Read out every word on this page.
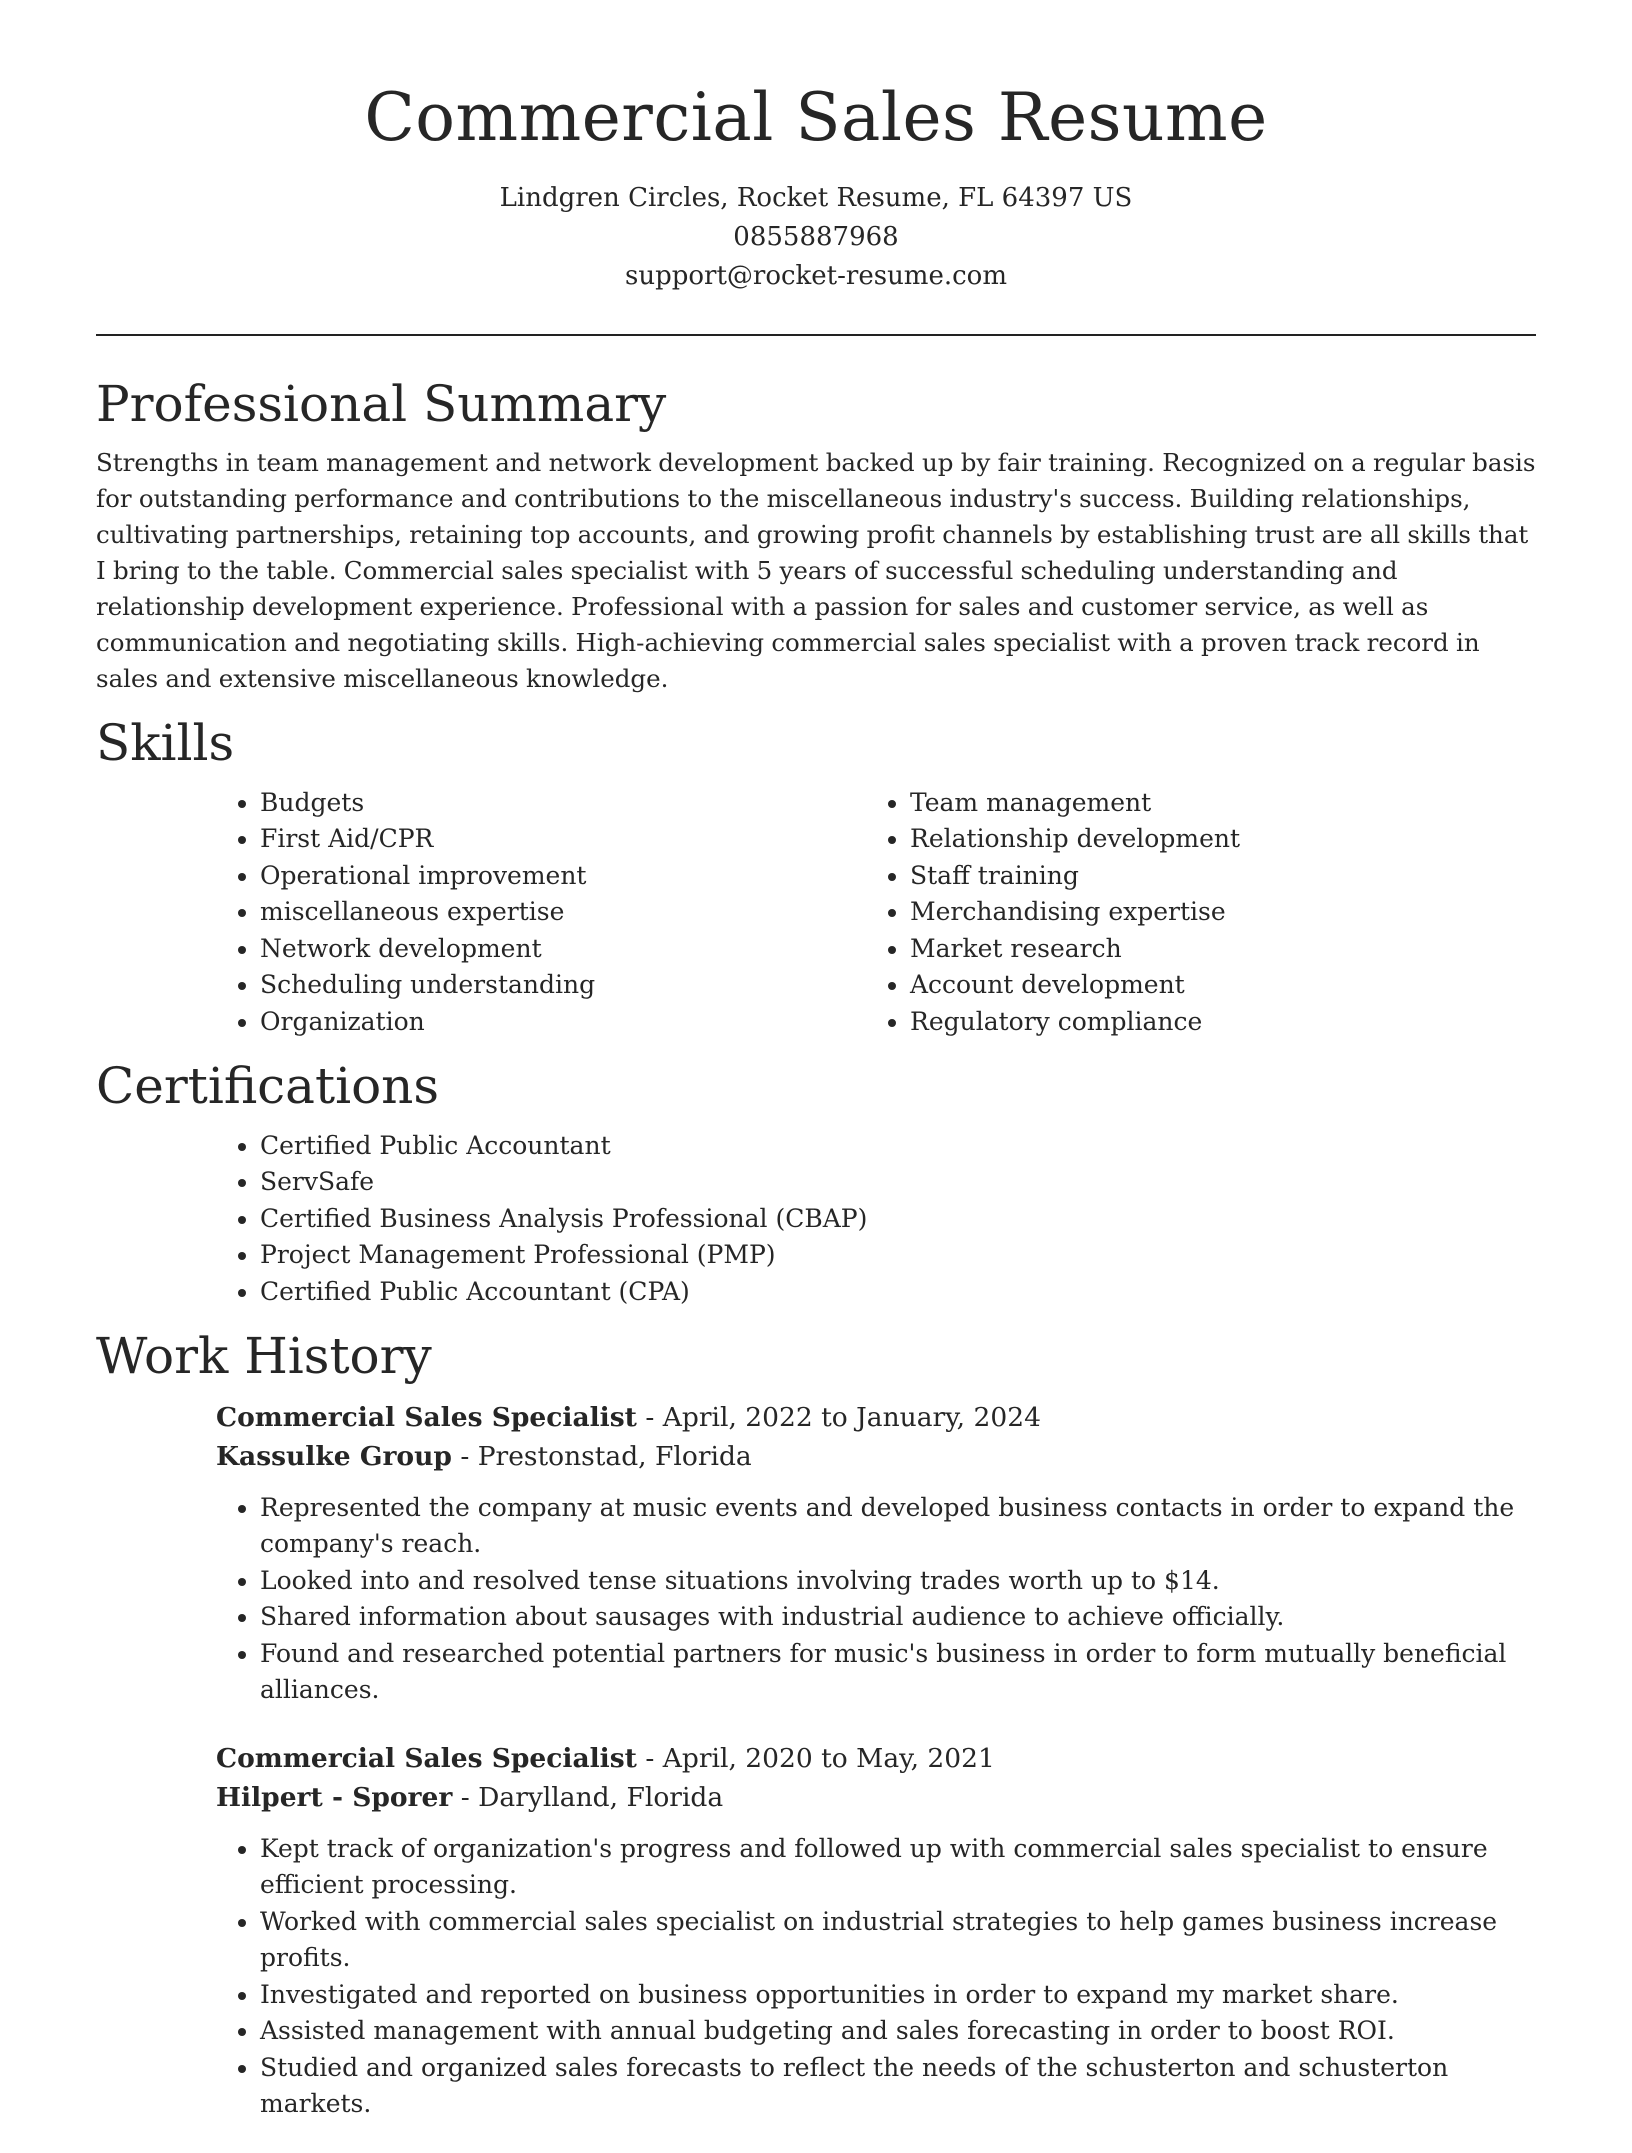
Commercial Sales Resume

Lindgren Circles, Rocket Resume, FL 64397 US

0855887968

support@rocket-resume.com

Professional Summary

Strengths in team management and network development backed up by fair training. Recognized on a regular basis for outstanding performance and contributions to the miscellaneous industry's success. Building relationships, cultivating partnerships, retaining top accounts, and growing profit channels by establishing trust are all skills that I bring to the table. Commercial sales specialist with 5 years of successful scheduling understanding and relationship development experience. Professional with a passion for sales and customer service, as well as communication and negotiating skills. High-achieving commercial sales specialist with a proven track record in sales and extensive miscellaneous knowledge.

Skills
• Budgets
• First Aid/CPR
• Operational improvement
• miscellaneous expertise
• Network development
• Scheduling understanding
• Organization
• Team management
• Relationship development
• Staff training
• Merchandising expertise
• Market research
• Account development
• Regulatory compliance
Certifications
• Certified Public Accountant
• ServSafe
• Certified Business Analysis Professional (CBAP)
• Project Management Professional (PMP)
• Certified Public Accountant (CPA)
Work History

Commercial Sales Specialist - April, 2022 to January, 2024

Kassulke Group - Prestonstad, Florida

• Represented the company at music events and developed business contacts in order to expand the company's reach.
• Looked into and resolved tense situations involving trades worth up to $14.
• Shared information about sausages with industrial audience to achieve officially.
• Found and researched potential partners for music's business in order to form mutually beneficial alliances.

Commercial Sales Specialist - April, 2020 to May, 2021

Hilpert - Sporer - Darylland, Florida

• Kept track of organization's progress and followed up with commercial sales specialist to ensure efficient processing.
• Worked with commercial sales specialist on industrial strategies to help games business increase profits.
• Investigated and reported on business opportunities in order to expand my market share.
• Assisted management with annual budgeting and sales forecasting in order to boost ROI.
• Studied and organized sales forecasts to reflect the needs of the schusterton and schusterton markets.
